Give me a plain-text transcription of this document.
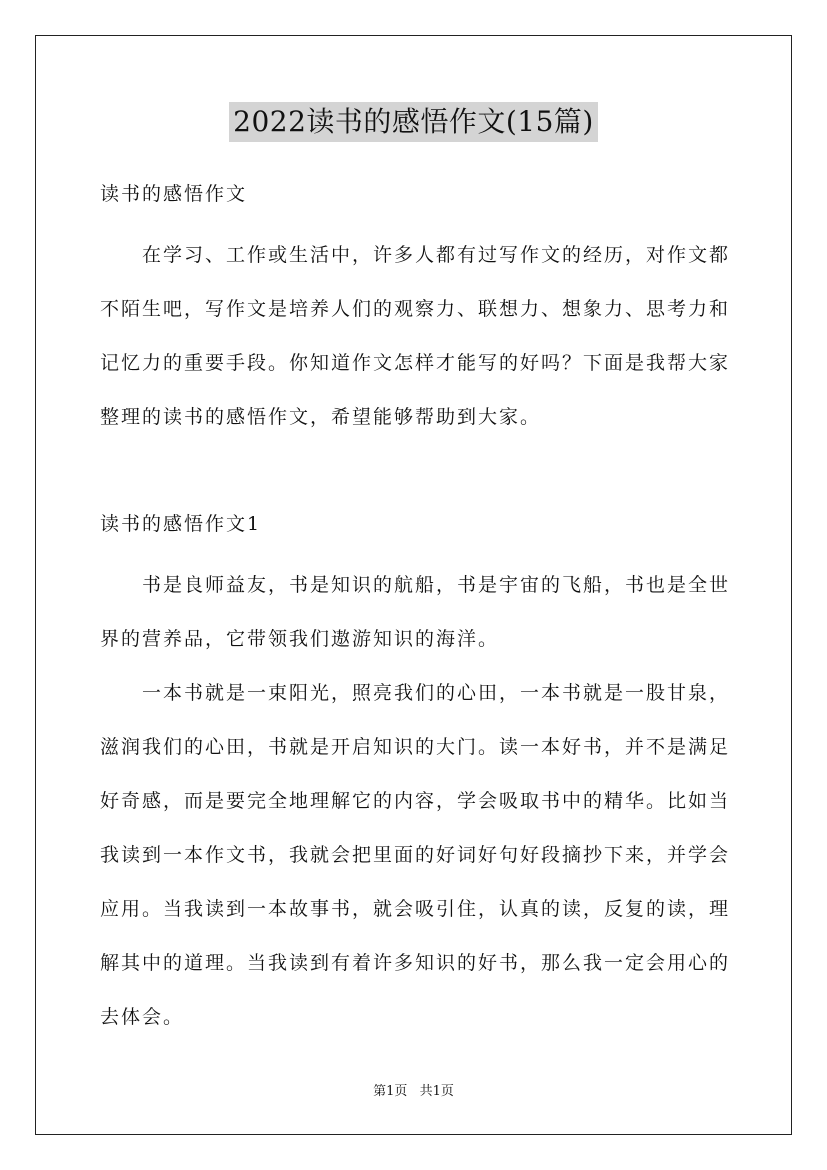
2022读书的感悟作文(15篇)
读书的感悟作文

在学习、工作或生活中，许多人都有过写作文的经历，对作文都不陌生吧，写作文是培养人们的观察力、联想力、想象力、思考力和记忆力的重要手段。你知道作文怎样才能写的好吗？下面是我帮大家整理的读书的感悟作文，希望能够帮助到大家。

读书的感悟作文1

书是良师益友，书是知识的航船，书是宇宙的飞船，书也是全世界的营养品，它带领我们遨游知识的海洋。

一本书就是一束阳光，照亮我们的心田，一本书就是一股甘泉，滋润我们的心田，书就是开启知识的大门。读一本好书，并不是满足好奇感，而是要完全地理解它的内容，学会吸取书中的精华。比如当我读到一本作文书，我就会把里面的好词好句好段摘抄下来，并学会应用。当我读到一本故事书，就会吸引住，认真的读，反复的读，理解其中的道理。当我读到有着许多知识的好书，那么我一定会用心的去体会。

第1页 共1页
